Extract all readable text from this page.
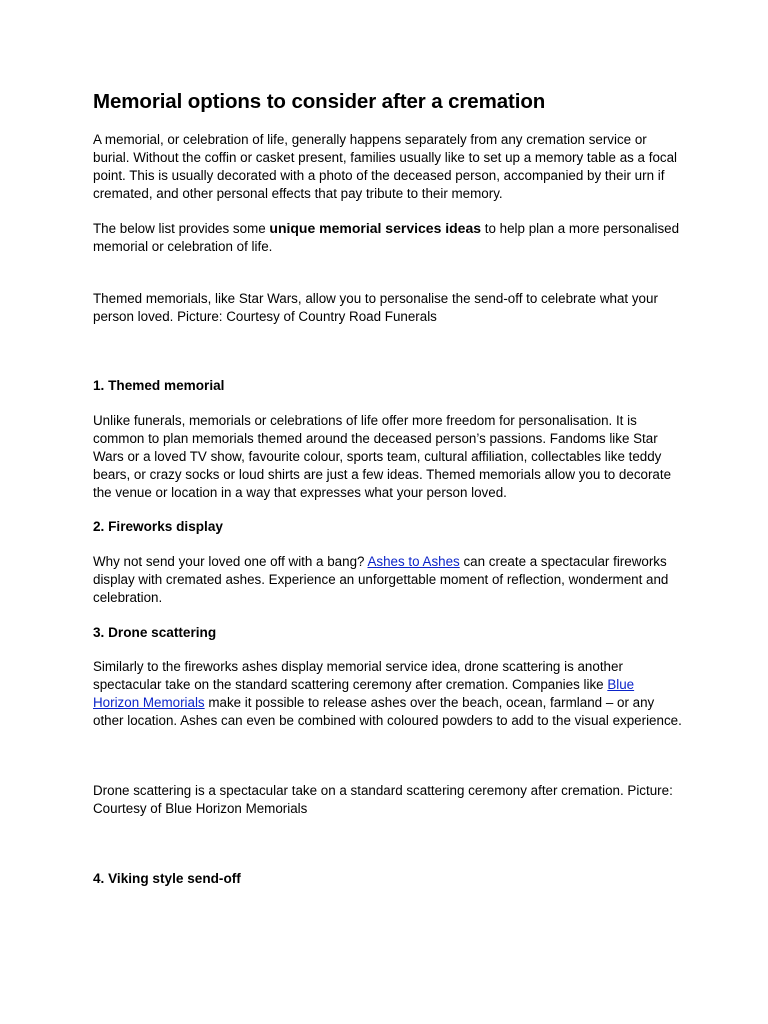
Memorial options to consider after a cremation

A memorial, or celebration of life, generally happens separately from any cremation service or burial. Without the coffin or casket present, families usually like to set up a memory table as a focal point. This is usually decorated with a photo of the deceased person, accompanied by their urn if cremated, and other personal effects that pay tribute to their memory.

The below list provides some unique memorial services ideas to help plan a more personalised memorial or celebration of life.

Themed memorials, like Star Wars, allow you to personalise the send-off to celebrate what your person loved. Picture: Courtesy of Country Road Funerals

1. Themed memorial

Unlike funerals, memorials or celebrations of life offer more freedom for personalisation. It is common to plan memorials themed around the deceased person’s passions. Fandoms like Star Wars or a loved TV show, favourite colour, sports team, cultural affiliation, collectables like teddy bears, or crazy socks or loud shirts are just a few ideas. Themed memorials allow you to decorate the venue or location in a way that expresses what your person loved.

2. Fireworks display

Why not send your loved one off with a bang? Ashes to Ashes can create a spectacular fireworks display with cremated ashes. Experience an unforgettable moment of reflection, wonderment and celebration.

3. Drone scattering

Similarly to the fireworks ashes display memorial service idea, drone scattering is another spectacular take on the standard scattering ceremony after cremation. Companies like Blue Horizon Memorials make it possible to release ashes over the beach, ocean, farmland – or any other location. Ashes can even be combined with coloured powders to add to the visual experience.

Drone scattering is a spectacular take on a standard scattering ceremony after cremation. Picture: Courtesy of Blue Horizon Memorials

4. Viking style send-off
